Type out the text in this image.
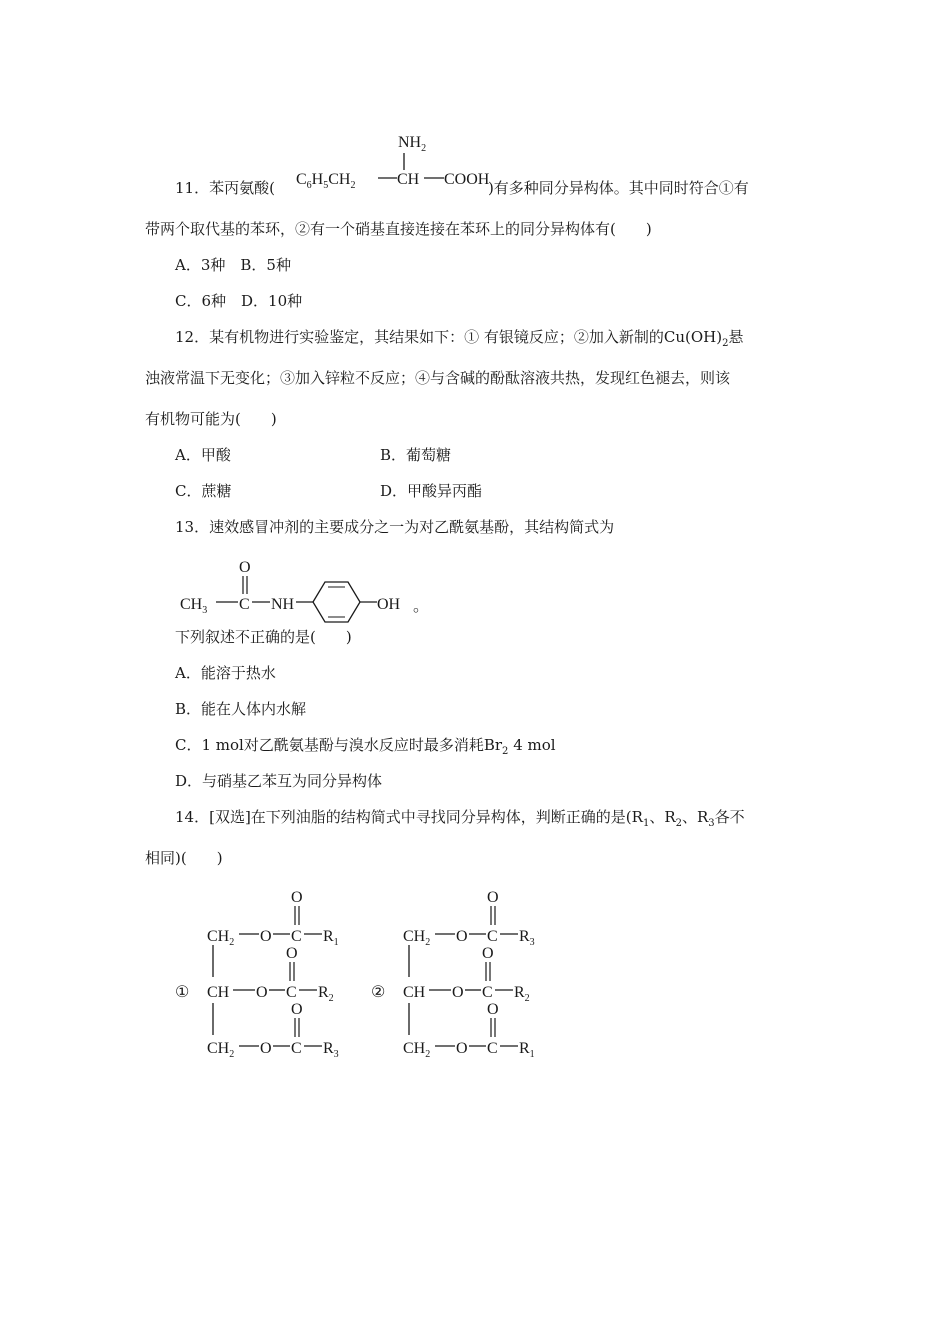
11．苯丙氨酸(	)有多种同分异构体。其中同时符合①有
$NH_2$
$C_6H_5CH_2$	CH COOH
带两个取代基的苯环，②有一个硝基直接连接在苯环上的同分异构体有(　　)
A．3种　B．5种
C．6种　D．10种
12．某有机物进行实验鉴定，其结果如下：① 有银镜反应；②加入新制的$Cu(OH)_2$悬
浊液常温下无变化；③加入锌粒不反应；④与含碱的酚酞溶液共热，发现红色褪去，则该
有机物可能为(　　)
A．甲酸	B．葡萄糖
C．蔗糖	D．甲酸异丙酯
13．速效感冒冲剂的主要成分之一为对乙酰氨基酚，其结构简式为
$CH_3$ C
O
NH	OH 。
下列叙述不正确的是(　　)
A．能溶于热水
B．能在人体内水解
C．1 mol对乙酰氨基酚与溴水反应时最多消耗$Br_2$ 4 mol
D．与硝基乙苯互为同分异构体
14．[双选]在下列油脂的结构简式中寻找同分异构体，判断正确的是($R_1$、$R_2$、$R_3$各不
相同)(　　)
①
$CH_2$ O C
O
$R_1$
CH O C
O
$R_2$
$CH_2$ O C
O
$R_3$
②
$CH_2$ O C
O
$R_3$
CH O C
O
$R_2$
$CH_2$ O C
O
$R_1$
